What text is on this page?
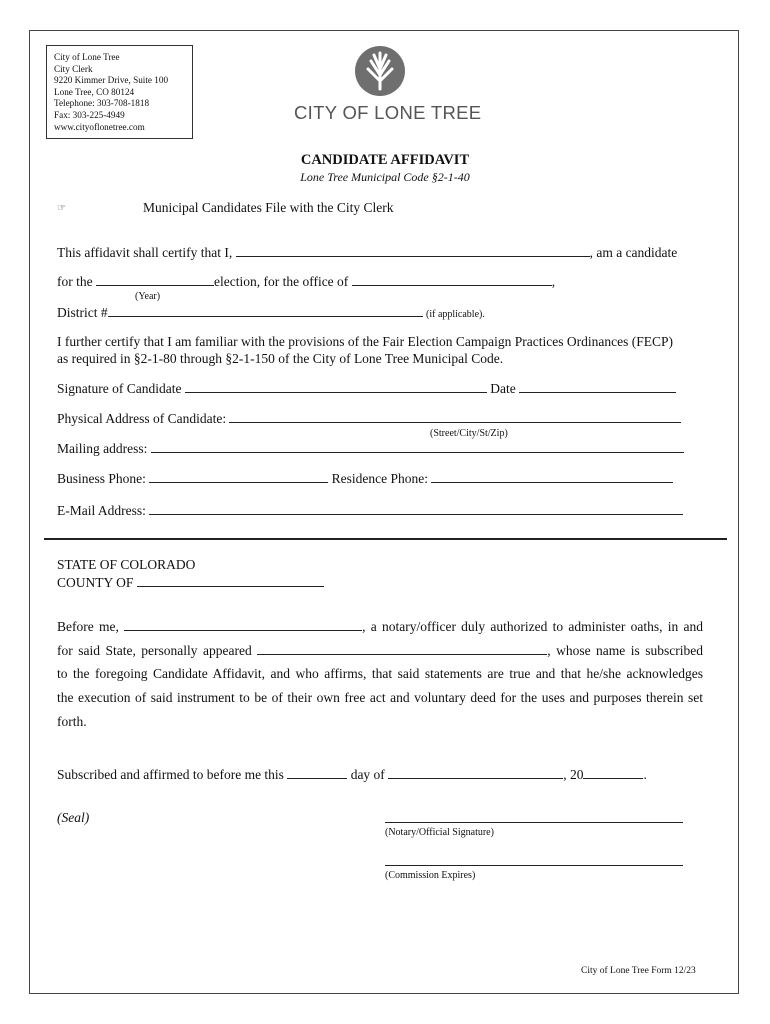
City of Lone Tree
City Clerk
9220 Kimmer Drive, Suite 100
Lone Tree, CO 80124
Telephone: 303-708-1818
Fax: 303-225-4949
www.cityoflonetree.com
CITY OF LONE TREE
CANDIDATE AFFIDAVIT
Lone Tree Municipal Code §2-1-40
☞	Municipal Candidates File with the City Clerk
This affidavit shall certify that I,	, am a candidate
for the	election, for the office of	,
(Year)
District #	(if applicable).
I further certify that I am familiar with the provisions of the Fair Election Campaign Practices Ordinances (FECP)
as required in §2-1-80 through §2-1-150 of the City of Lone Tree Municipal Code.
Signature of Candidate	Date
Physical Address of Candidate:
(Street/City/St/Zip)
Mailing address:
Business Phone:	Residence Phone:
E-Mail Address:
STATE OF COLORADO
COUNTY OF
Before me,	, a notary/officer duly authorized to administer oaths, in and
for said State, personally appeared	, whose name is subscribed
to the foregoing Candidate Affidavit, and who affirms, that said statements are true and that he/she acknowledges
the execution of said instrument to be of their own free act and voluntary deed for the uses and purposes therein set
forth.
Subscribed and affirmed to before me this	day of	, 20	.
(Seal)
(Notary/Official Signature)
(Commission Expires)
City of Lone Tree Form 12/23
